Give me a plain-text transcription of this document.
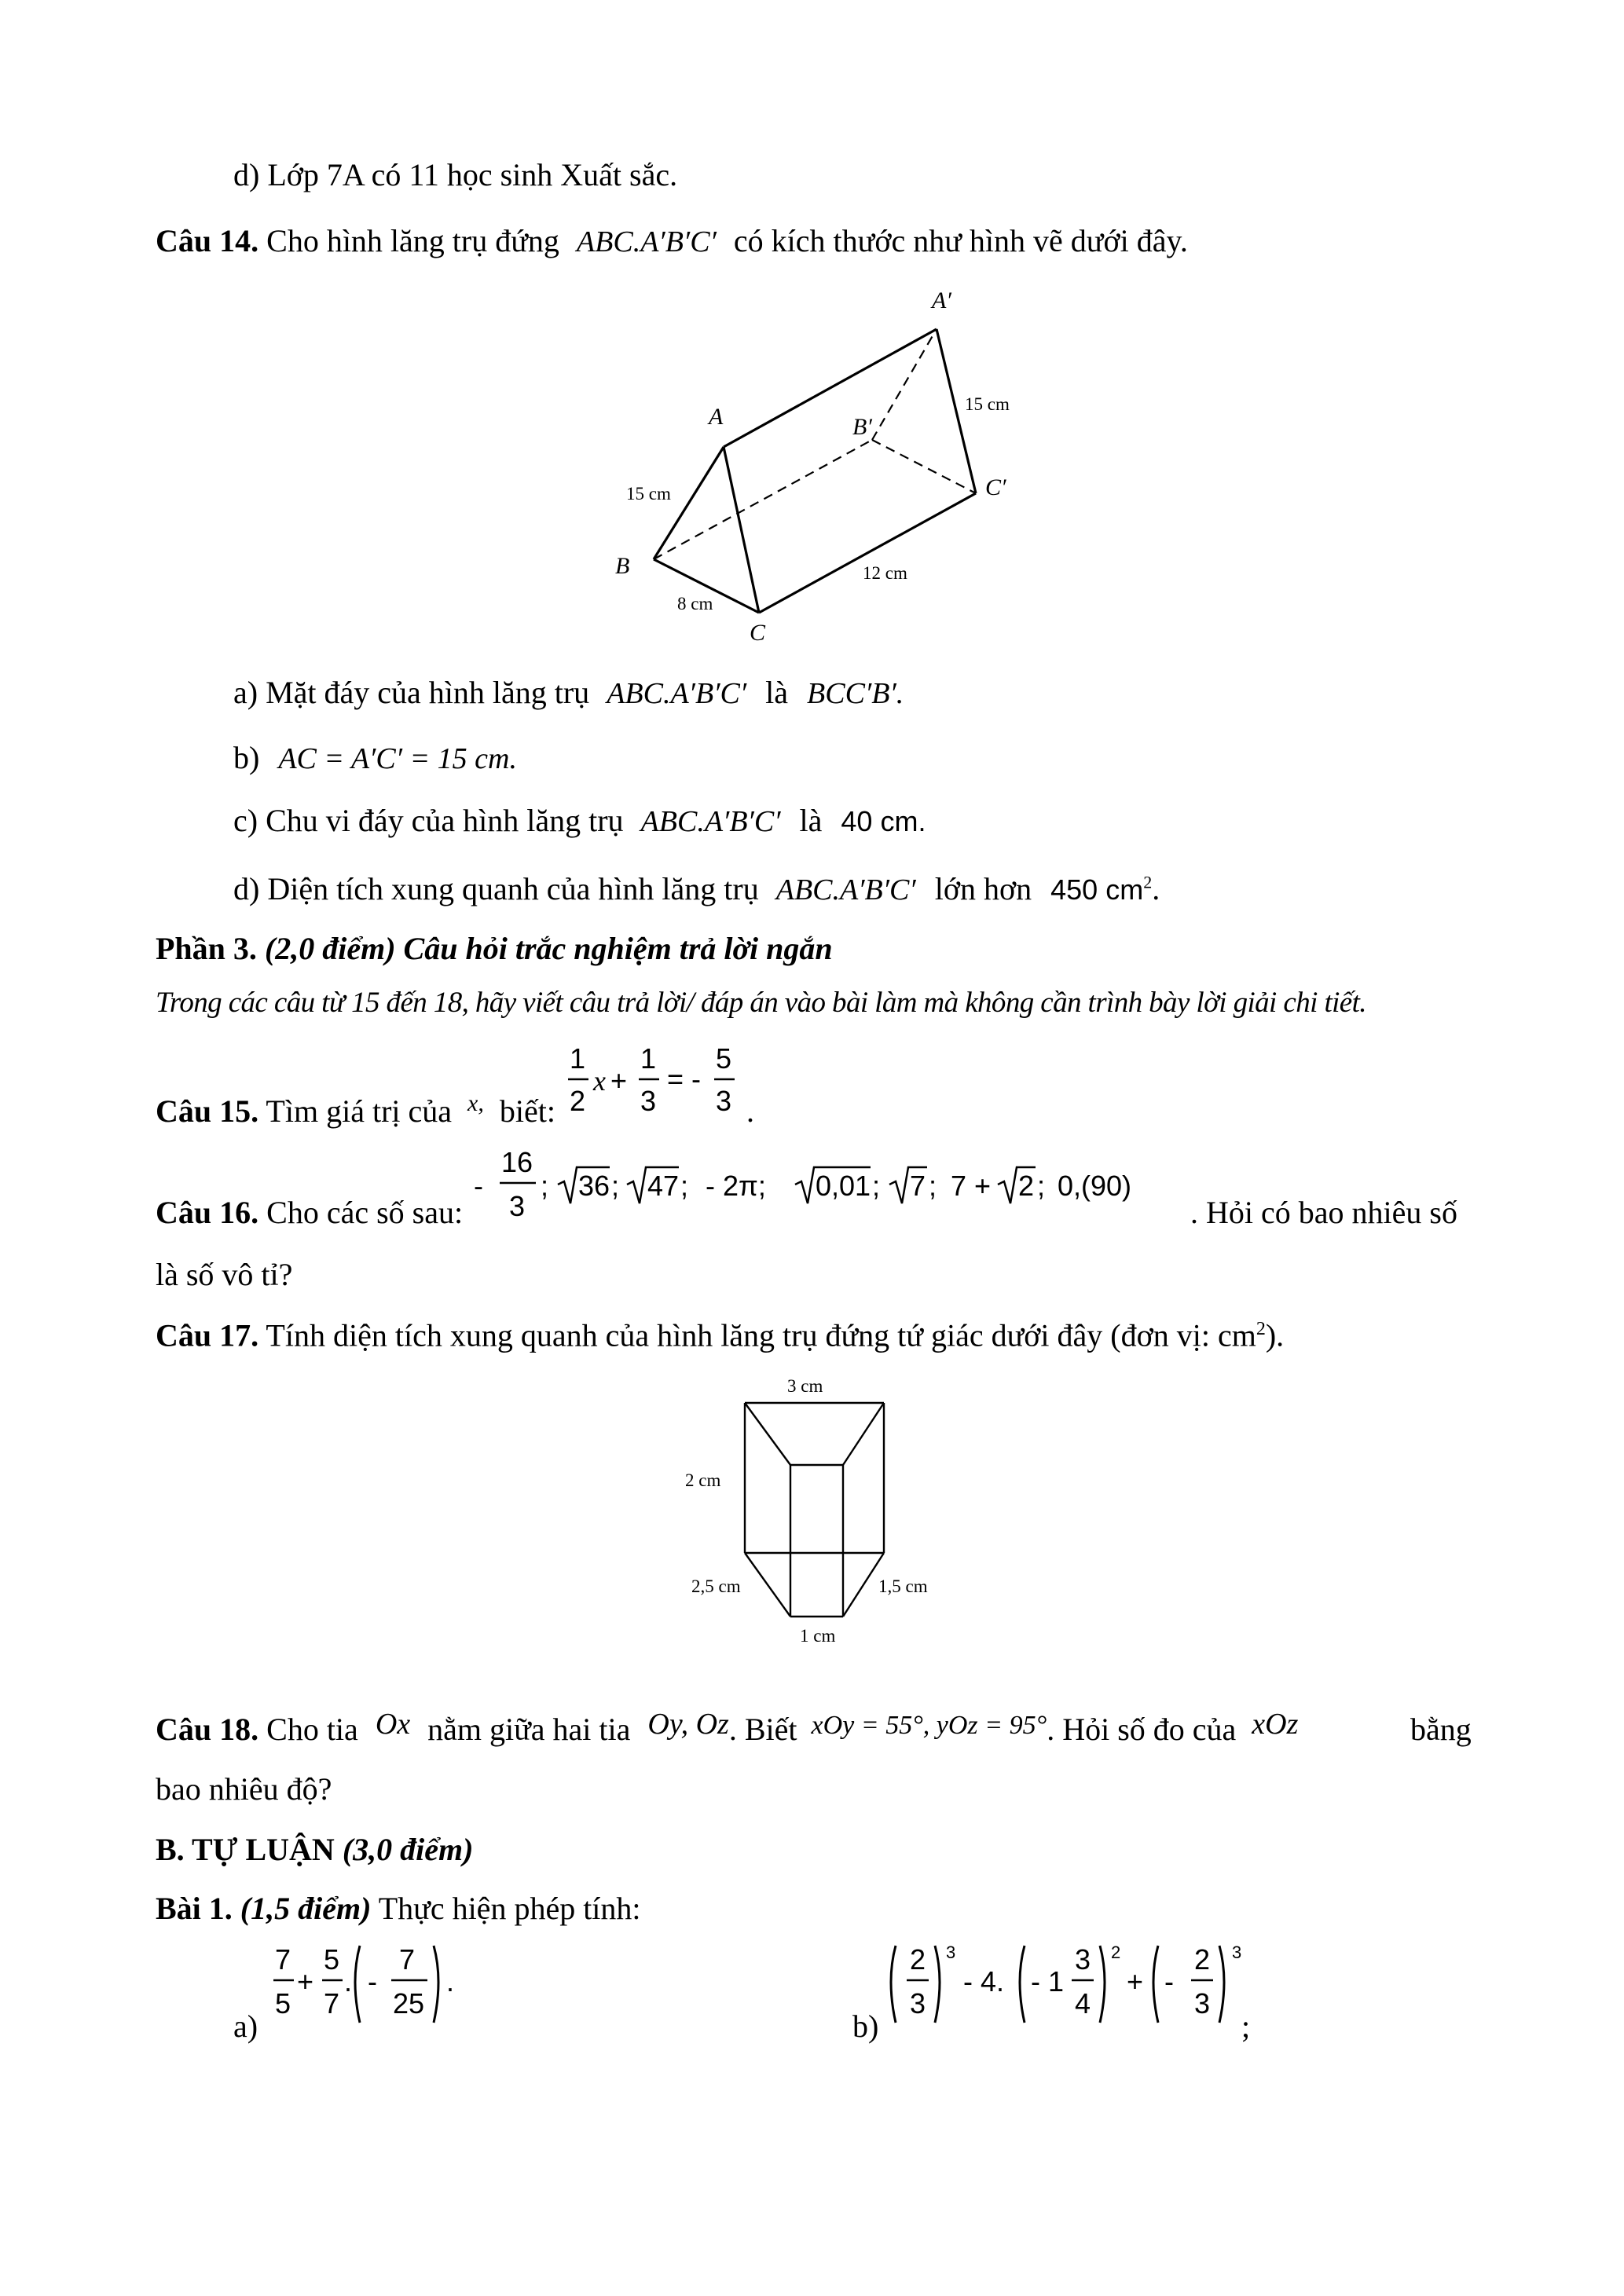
d) Lớp 7A có 11 học sinh Xuất sắc.
Câu 14. Cho hình lăng trụ đứng ABC.A′B′C′ có kích thước như hình vẽ dưới đây.
A′
A	B′
C′
B
C
15 cm
15 cm
12 cm
8 cm
a) Mặt đáy của hình lăng trụ ABC.A′B′C′ là BCC′B′.
b) AC = A′C′ = 15 cm.
c) Chu vi đáy của hình lăng trụ ABC.A′B′C′ là 40 cm.
d) Diện tích xung quanh của hình lăng trụ ABC.A′B′C′ lớn hơn 450 $cm^2$.
Phần 3. (2,0 điểm) Câu hỏi trắc nghiệm trả lời ngắn
Trong các câu từ 15 đến 18, hãy viết câu trả lời/ đáp án vào bài làm mà không cần trình bày lời giải chi tiết.
Câu 15. Tìm giá trị của $^{x,}$ biết:
1
2
x +
1
3
= -
5
3 .
Câu 16. Cho các số sau:
-
16
3
; 36 ; 47 ; - 2π; 0,01 ; 7 ; 7 + 2 ; 0,(90)
. Hỏi có bao nhiêu số
là số vô tỉ?
Câu 17. Tính diện tích xung quanh của hình lăng trụ đứng tứ giác dưới đây (đơn vị: $cm^2$).
3 cm
2 cm
2,5 cm	1,5 cm
1 cm
Câu 18. Cho tia Ox nằm giữa hai tia Oy, Oz. Biết $^{xOy = 55^\circ, yOz = 95^\circ}$. Hỏi số đo của xOz	bằng
bao nhiêu độ?
B. TỰ LUẬN (3,0 điểm)
Bài 1. (1,5 điểm) Thực hiện phép tính:
a)
7
5
+
5
7
. -
7
25
.
b)
2
3
3
- 4. - 1
3
4
2
+ -
2
3
3
;
